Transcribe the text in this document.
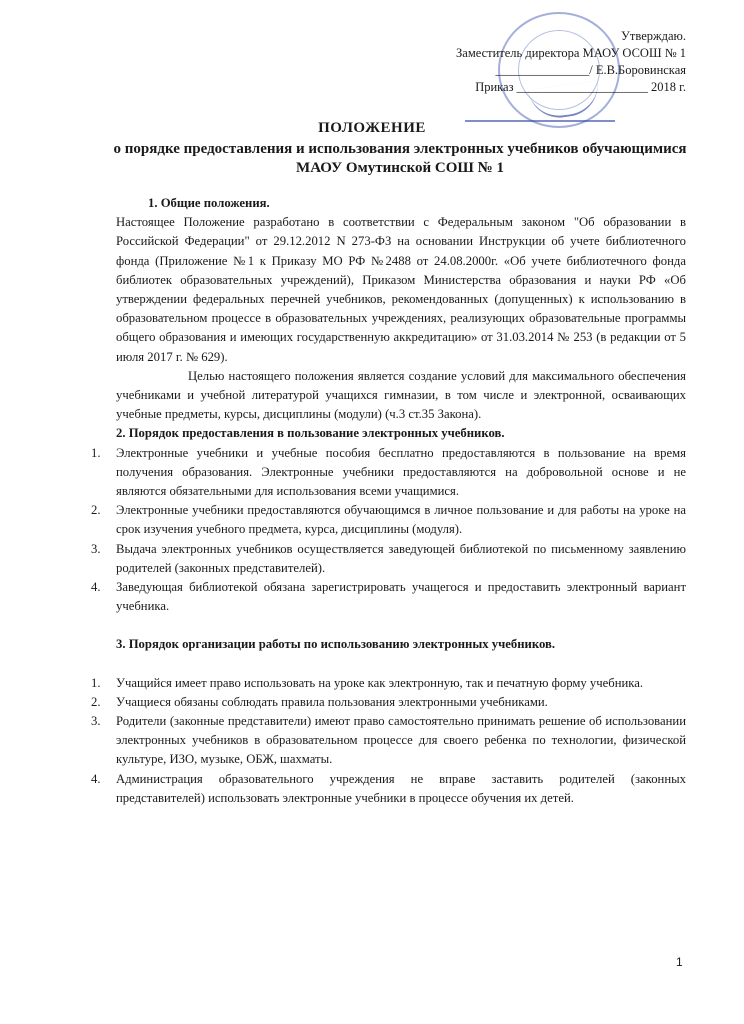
Утверждаю.
Заместитель директора МАОУ ОСОШ № 1
_______________/ Е.В.Боровинская
Приказ _____________________ 2018 г.
ПОЛОЖЕНИЕ
о порядке предоставления и использования электронных учебников обучающимися МАОУ Омутинской СОШ № 1

1. Общие положения.

Настоящее Положение разработано в соответствии с Федеральным законом "Об образовании в Российской Федерации" от 29.12.2012 N 273-ФЗ на основании Инструкции об учете библиотечного фонда (Приложение №1 к Приказу МО РФ №2488 от 24.08.2000г. «Об учете библиотечного фонда библиотек образовательных учреждений), Приказом Министерства образования и науки РФ «Об утверждении федеральных перечней учебников, рекомендованных (допущенных) к использованию в образовательном процессе в образовательных учреждениях, реализующих образовательные программы общего образования и имеющих государственную аккредитацию» от 31.03.2014 № 253 (в редакции от 5 июля 2017 г. № 629).

Целью настоящего положения является создание условий для максимального обеспечения учебниками и учебной литературой учащихся гимназии, в том числе и электронной, осваивающих учебные предметы, курсы, дисциплины (модули) (ч.3 ст.35 Закона).

2. Порядок предоставления в пользование электронных учебников.

1. Электронные учебники и учебные пособия бесплатно предоставляются в пользование на время получения образования. Электронные учебники предоставляются на добровольной основе и не являются обязательными для использования всеми учащимися.
2. Электронные учебники предоставляются обучающимся в личное пользование и для работы на уроке на срок изучения учебного предмета, курса, дисциплины (модуля).
3. Выдача электронных учебников осуществляется заведующей библиотекой по письменному заявлению родителей (законных представителей).
4. Заведующая библиотекой обязана зарегистрировать учащегося и предоставить электронный вариант учебника.

3. Порядок организации работы по использованию электронных учебников.

1. Учащийся имеет право использовать на уроке как электронную, так и печатную форму учебника.
2. Учащиеся обязаны соблюдать правила пользования электронными учебниками.
3. Родители (законные представители) имеют право самостоятельно принимать решение об использовании электронных учебников в образовательном процессе для своего ребенка по технологии, физической культуре, ИЗО, музыке, ОБЖ, шахматы.
4. Администрация образовательного учреждения не вправе заставить родителей (законных представителей) использовать электронные учебники в процессе обучения их детей.
1
